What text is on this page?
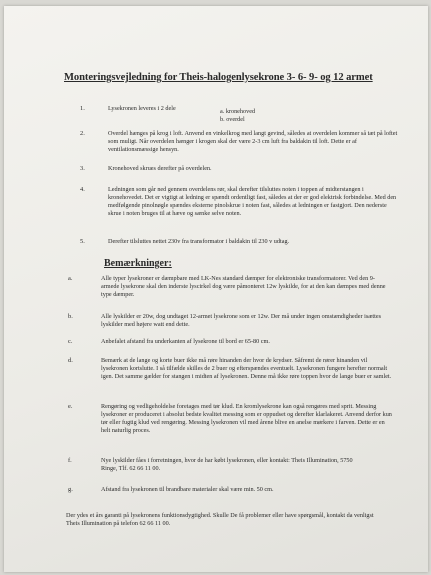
Monteringsvejledning for Theis-halogenlysekrone 3- 6- 9- og 12 armet
1.	Lysekronen leveres i 2 dele	a. kronehoved
b. overdel
2.	Overdel hænges på krog i loft. Anvend en vinkelkrog med langt gevind, således at overdelen kommer så tæt på loftet som muligt. Når overdelen hænger i krogen skal der være 2-3 cm luft fra baldakin til loft. Dette er af ventilationsmæssige hensyn.
3.	Kronehoved skrues derefter på overdelen.
4.	Ledningen som går ned gennem overdelens rør, skal derefter tilsluttes noten i toppen af midterstangen i kronehovedet. Det er vigtigt at ledning er spændt ordentligt fast, således at der er god elektrisk forbindelse. Med den medfølgende pinolnøgle spændes eksterne pinolskrue i noten fast, således at ledningen er fastgjort. Den nederste skrue i noten bruges til at hæve og sænke selve noten.
5.	Derefter tilsluttes nettet 230v fra transformator i baldakin til 230 v udtag.
Bemærkninger:
a.	Alle typer lysekroner er dæmpbare med LK-Nes standard dæmper for elektroniske transformatorer. Ved den 9-armede lysekrone skal den inderste lyscirkel dog være påmonteret 12w lyskilde, for at den kan dæmpes med denne type dæmper.
b.	Alle lyskilder er 20w, dog undtaget 12-armet lysekrone som er 12w. Der må under ingen omstændigheder isættes lyskilder med højere watt end dette.
c.	Anbefalet afstand fra underkanten af lysekrone til bord er 65-80 cm.
d.	Bemærk at de lange og korte buer ikke må røre hinanden der hvor de krydser. Såfremt de rører hinanden vil lysekronen kortslutte. I så tilfælde skilles de 2 buer og efterspændes eventuelt. Lysekronen fungere herefter normalt igen. Det samme gælder for stangen i midten af lysekronen. Denne må ikke røre toppen hvor de lange buer er samlet.
e.	Rengøring og vedligeholdelse foretages med tør klud. En kromlysekrone kan også rengøres med sprit. Messing lysekroner er produceret i absolut bedste kvalitet messing som er oppudset og derefter klarlakeret. Anvend derfor kun tør eller fugtig klud ved rengøring. Messing lysekronen vil med årene blive en anelse mørkere i farven. Dette er en helt naturlig proces.
f.	Nye lyskilder fåes i forretningen, hvor de har købt lysekronen, eller kontakt: Theis Illumination, 5750 Ringe, Tlf. 62 66 11 00.
g.	Afstand fra lysekronen til brandbare materialer skal være min. 50 cm.
Der ydes et års garanti på lysekronens funktionsdygtighed. Skulle De få problemer eller have spørgsmål, kontakt da venligst Theis Illumination på telefon 62 66 11 00.
